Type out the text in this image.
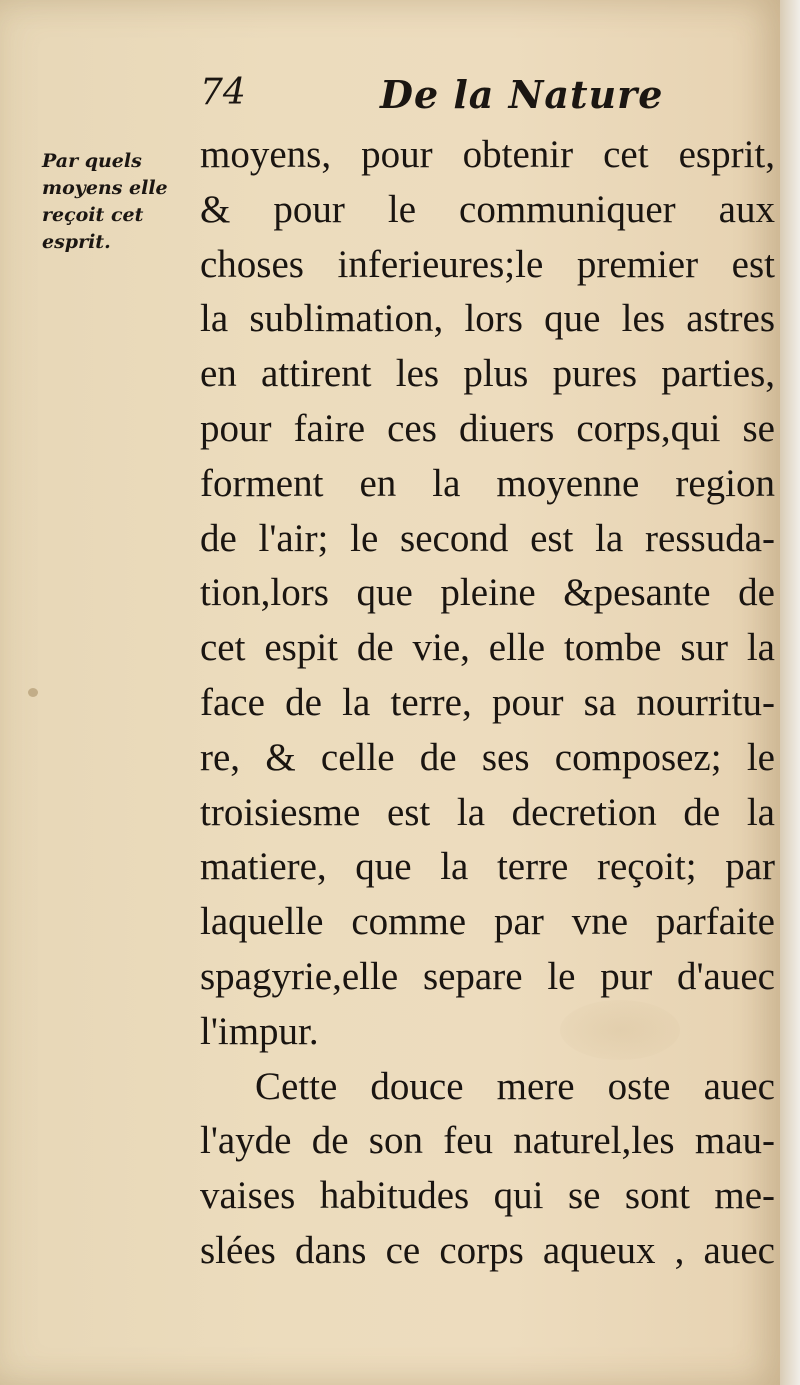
74	De la Nature
Par quels
moyens elle
reçoit cet
esprit.
moyens, pour obtenir cet esprit,
& pour le communiquer aux
choses inferieures;le premier est
la sublimation, lors que les astres
en attirent les plus pures parties,
pour faire ces diuers corps,qui se
forment en la moyenne region
de l'air; le second est la ressuda-
tion,lors que pleine &pesante de
cet espit de vie, elle tombe sur la
face de la terre, pour sa nourritu-
re, & celle de ses composez; le
troisiesme est la decretion de la
matiere, que la terre reçoit; par
laquelle comme par vne parfaite
spagyrie,elle separe le pur d'auec
l'impur.
Cette douce mere oste auec
l'ayde de son feu naturel,les mau-
vaises habitudes qui se sont me-
slées dans ce corps aqueux , auec
